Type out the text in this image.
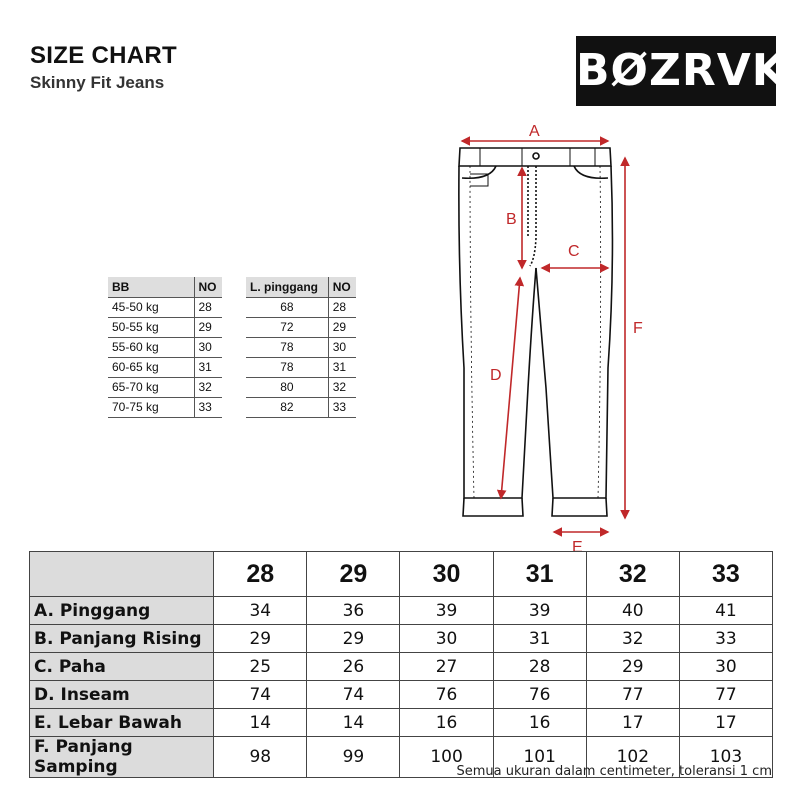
SIZE CHART
Skinny Fit Jeans	BØZRVK
BB	NO
45-50 kg	28
50-55 kg	29
55-60 kg	30
60-65 kg	31
65-70 kg	32
70-75 kg	33
L. pinggang	NO
68	28
72	29
78	30
78	31
80	32
82	33
A
B
C
D
E
F
	28	29	30	31	32	33
A. Pinggang	34	36	39	39	40	41
B. Panjang Rising	29	29	30	31	32	33
C. Paha	25	26	27	28	29	30
D. Inseam	74	74	76	76	77	77
E. Lebar Bawah	14	14	16	16	17	17
F. Panjang Samping	98	99	100	101	102	103
Semua ukuran dalam centimeter, toleransi 1 cm
